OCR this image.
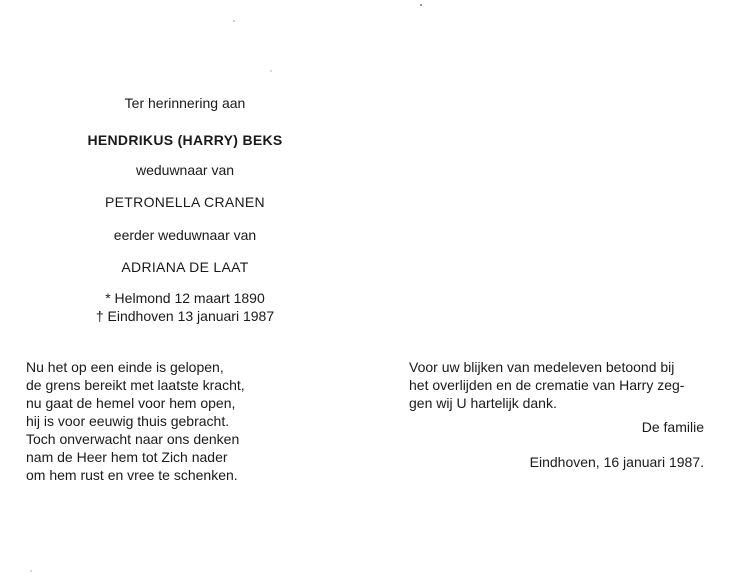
Ter herinnering aan
HENDRIKUS (HARRY) BEKS
weduwnaar van
PETRONELLA CRANEN
eerder weduwnaar van
ADRIANA DE LAAT
* Helmond 12 maart 1890
† Eindhoven 13 januari 1987
Nu het op een einde is gelopen,
de grens bereikt met laatste kracht,
nu gaat de hemel voor hem open,
hij is voor eeuwig thuis gebracht.
Toch onverwacht naar ons denken
nam de Heer hem tot Zich nader
om hem rust en vree te schenken.
Voor uw blijken van medeleven betoond bij
het overlijden en de crematie van Harry zeg-
gen wij U hartelijk dank.
De familie
Eindhoven, 16 januari 1987.
